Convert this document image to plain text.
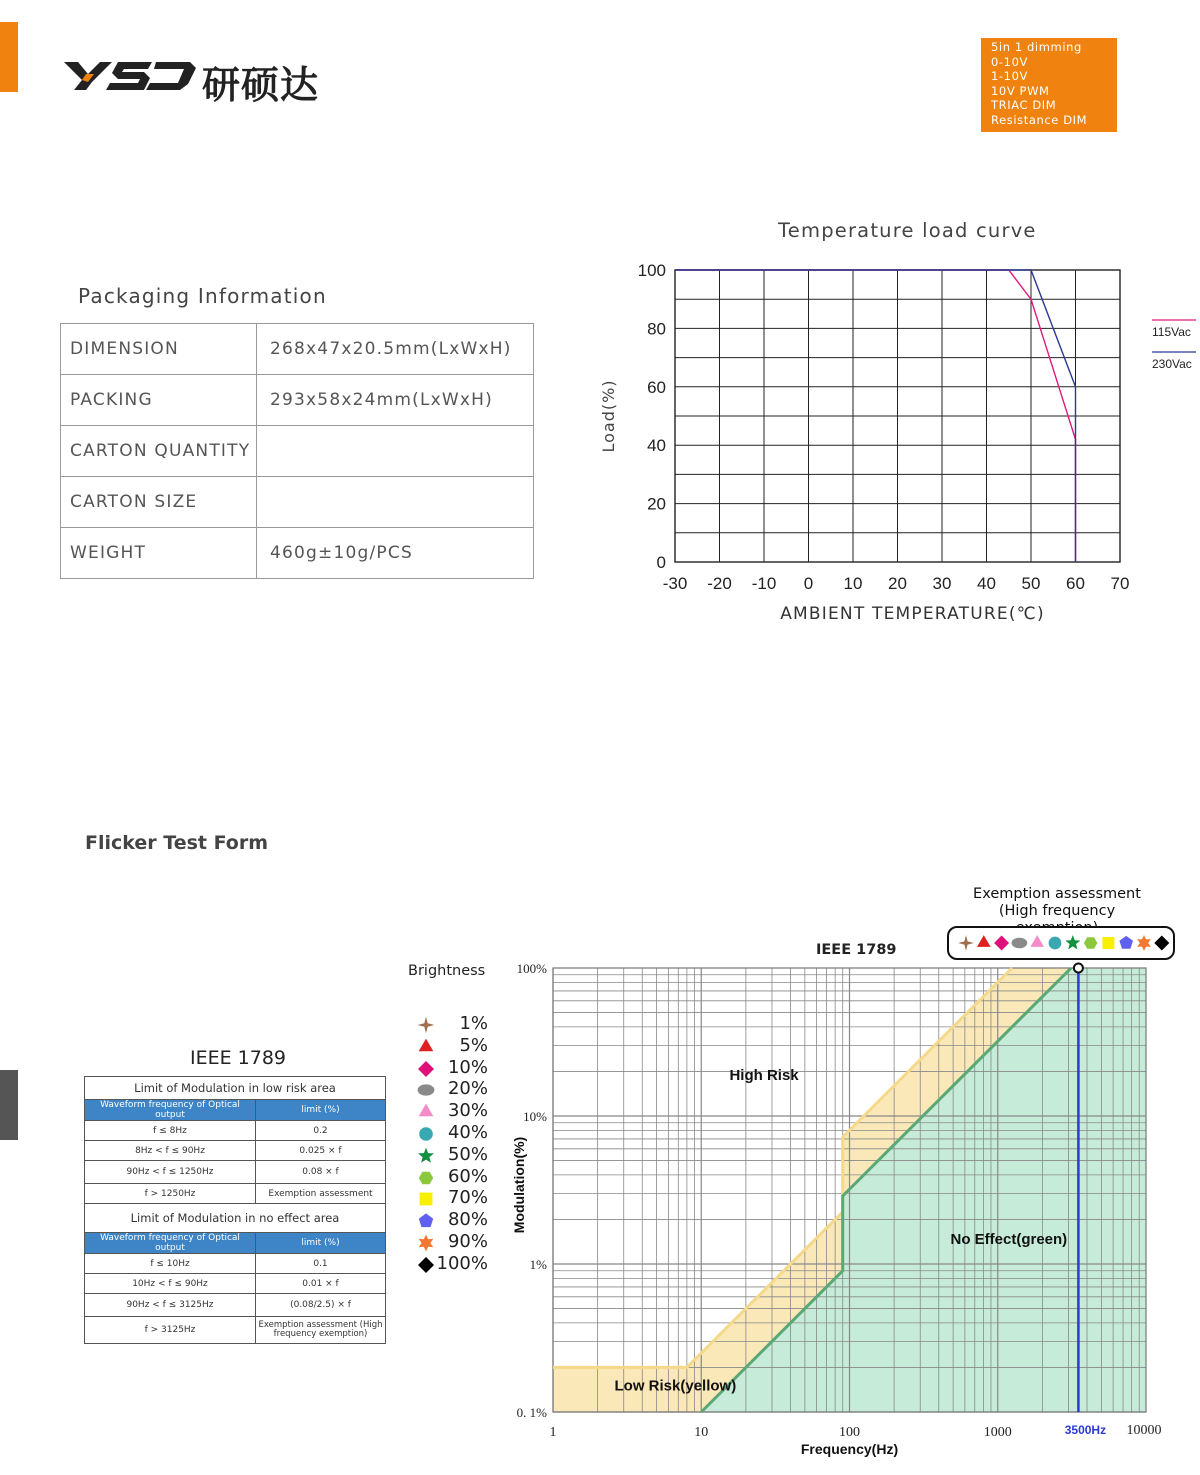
研硕达
5in 1 dimming
0-10V
1-10V
10V PWM
TRIAC DIM
Resistance DIM
Packaging Information
DIMENSION	268x47x20.5mm(LxWxH)
PACKING	293x58x24mm(LxWxH)
CARTON QUANTITY	
CARTON SIZE	
WEIGHT	460g±10g/PCS
Temperature load curve
-30 -20 -10 0 10 20 30 40 50 60 70
0
20
40
60
80
100
AMBIENT TEMPERATURE(℃)
Load(%)
115Vac
230Vac
Flicker Test Form
Brightness
1%
5%
10%
20%
30%
40%
50%
60%
70%
80%
90%
100%
IEEE 1789
Limit of Modulation in low risk area	
Waveform frequency of Optical output	limit (%)
f ≤ 8Hz	0.2
8Hz < f ≤ 90Hz	0.025 × f
90Hz < f ≤ 1250Hz	0.08 × f
f > 1250Hz	Exemption assessment
Limit of Modulation in no effect area	
Waveform frequency of Optical output	limit (%)
f ≤ 10Hz	0.1
10Hz < f ≤ 90Hz	0.01 × f
90Hz < f ≤ 3125Hz	(0.08/2.5) × f
f > 3125Hz	Exemption assessment (High frequency exemption)
Exemption assessment
(High frequency
IEEE 1789
3500Hz
1	10	100	1000	10000
0. 1%
1%
10%
100%
Frequency(Hz)
Modulation(%)
High Risk
Low Risk(yellow)
No Effect(green)
